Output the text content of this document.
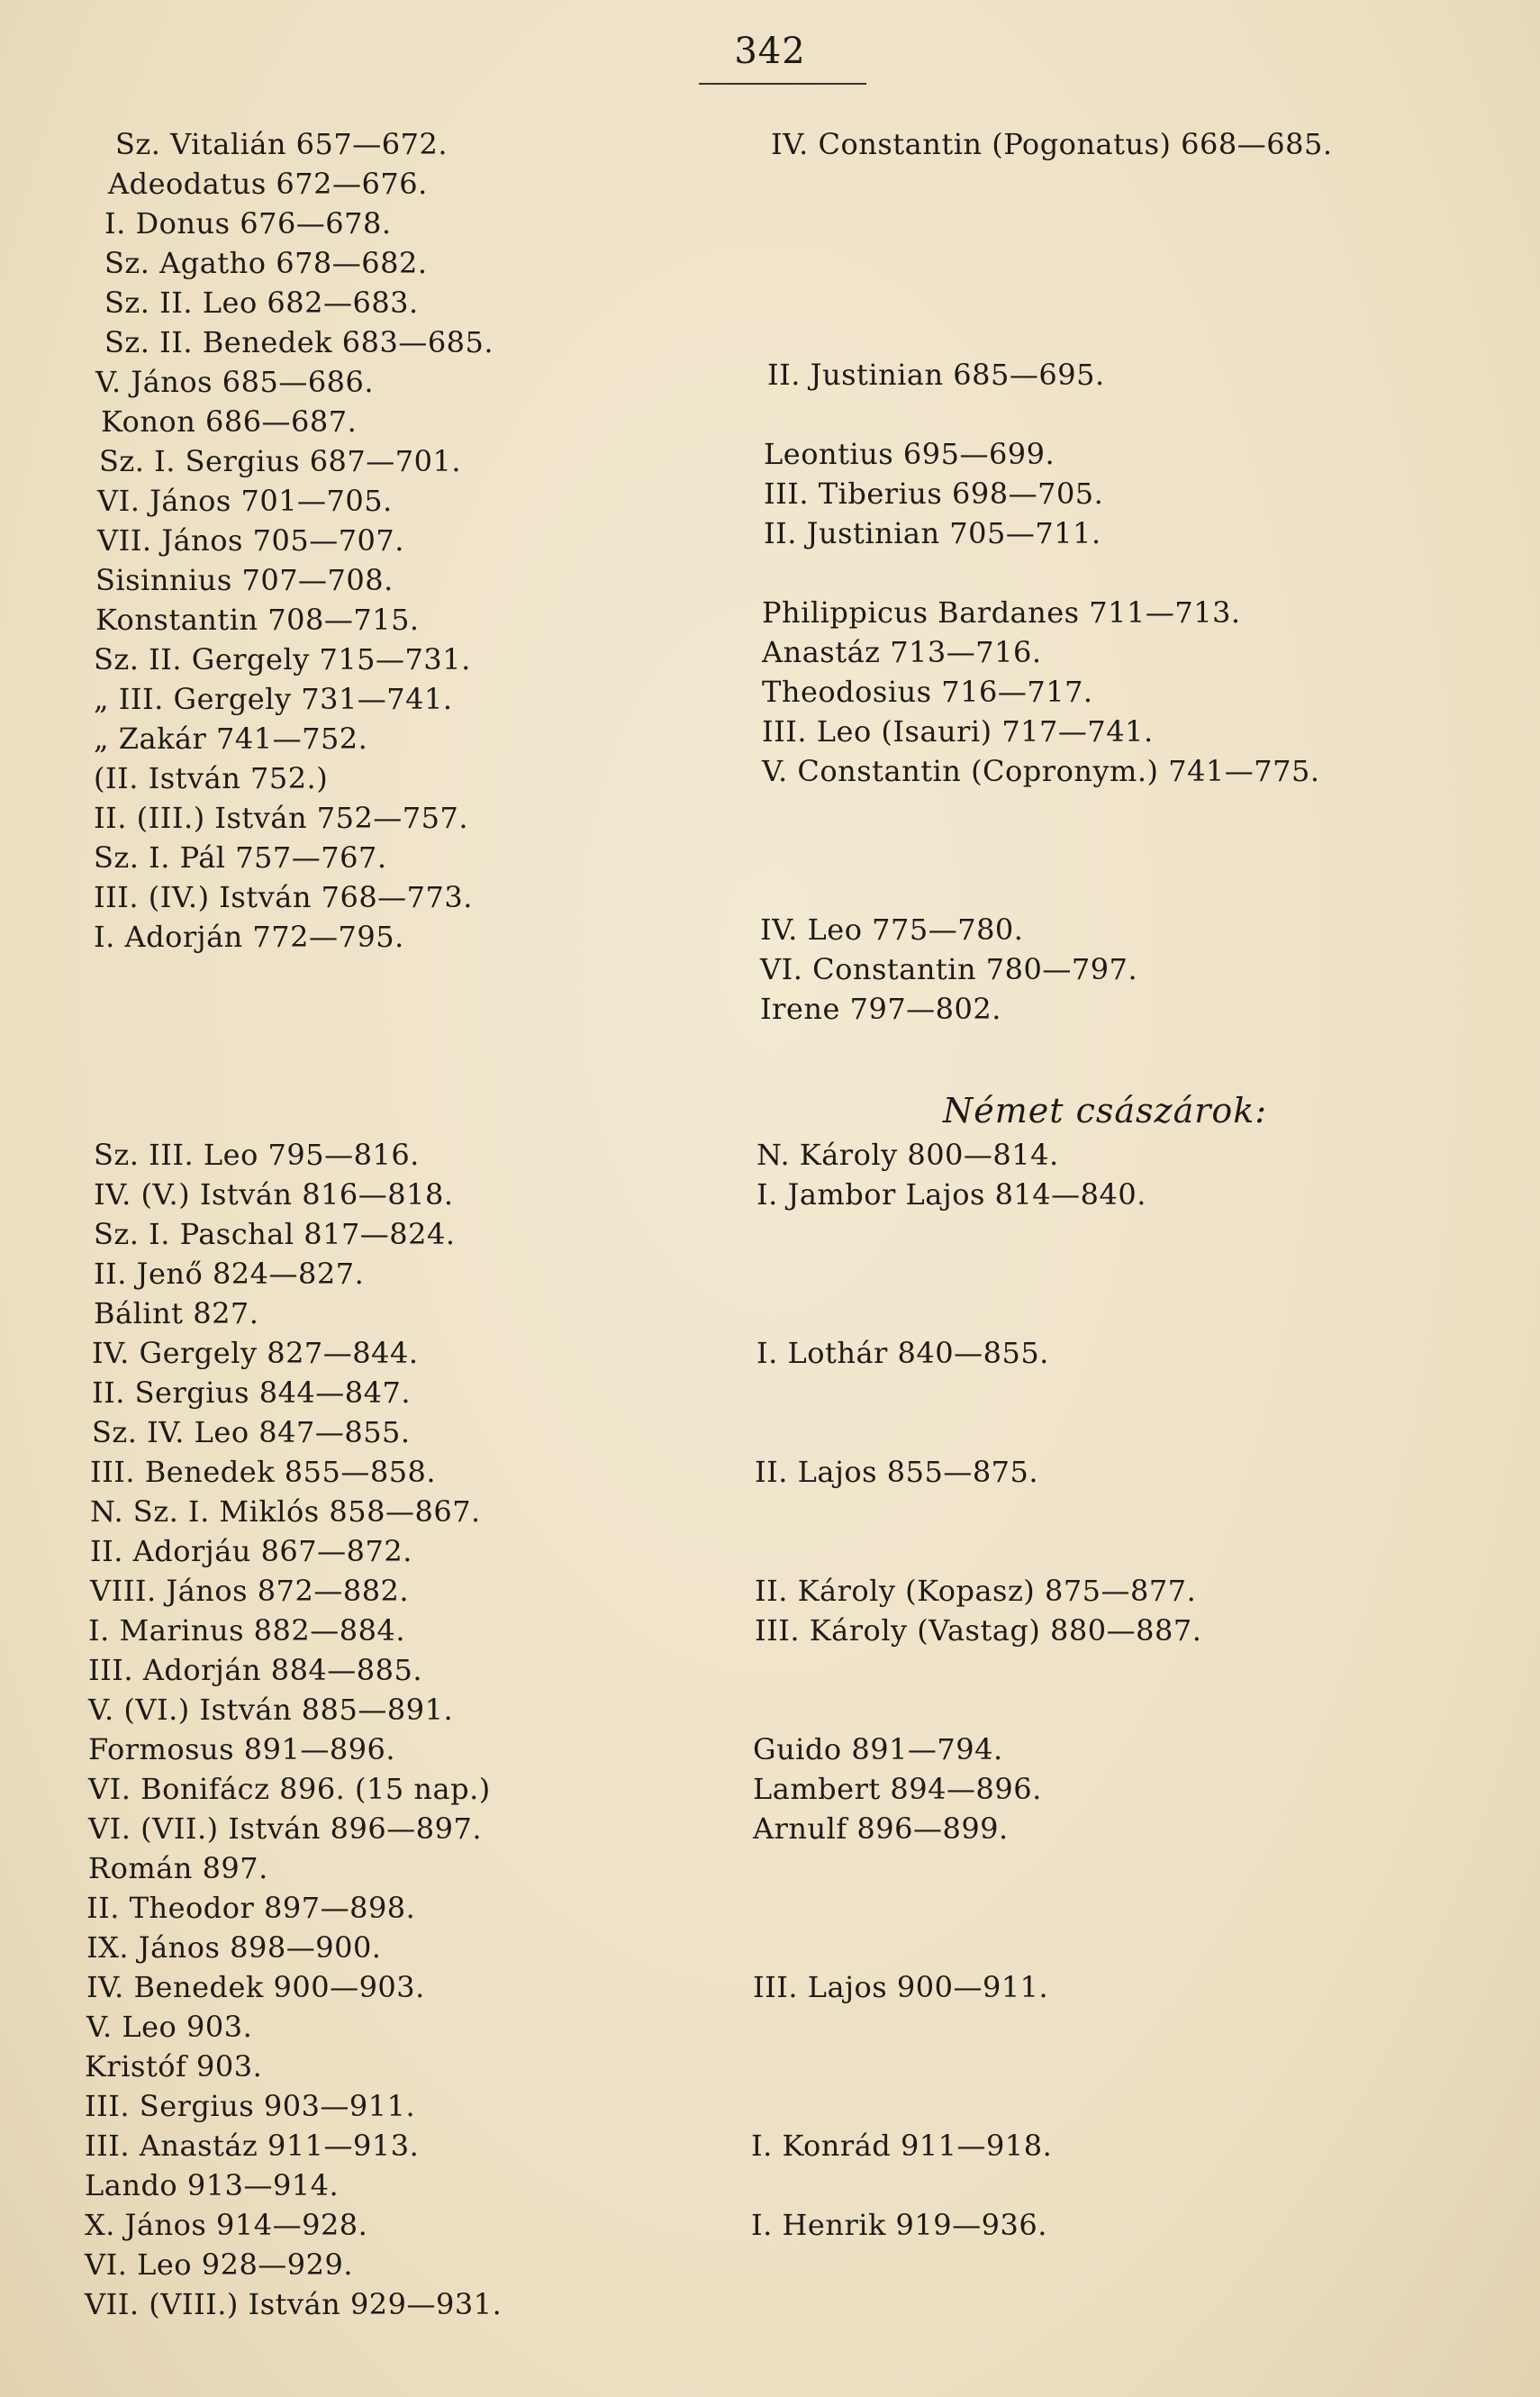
342
Német császárok:
Sz. Vitalián 657—672.
Adeodatus 672—676.
I. Donus 676—678.
Sz. Agatho 678—682.
Sz. II. Leo 682—683.
Sz. II. Benedek 683—685.
V. János 685—686.
Konon 686—687.
Sz. I. Sergius 687—701.
VI. János 701—705.
VII. János 705—707.
Sisinnius 707—708.
Konstantin 708—715.
Sz. II. Gergely 715—731.
„ III. Gergely 731—741.
„ Zakár 741—752.
(II. István 752.)
II. (III.) István 752—757.
Sz. I. Pál 757—767.
III. (IV.) István 768—773.
I. Adorján 772—795.
Sz. III. Leo 795—816.
IV. (V.) István 816—818.
Sz. I. Paschal 817—824.
II. Jenő 824—827.
Bálint 827.
IV. Gergely 827—844.
II. Sergius 844—847.
Sz. IV. Leo 847—855.
III. Benedek 855—858.
N. Sz. I. Miklós 858—867.
II. Adorjáu 867—872.
VIII. János 872—882.
I. Marinus 882—884.
III. Adorján 884—885.
V. (VI.) István 885—891.
Formosus 891—896.
VI. Bonifácz 896. (15 nap.)
VI. (VII.) István 896—897.
Román 897.
II. Theodor 897—898.
IX. János 898—900.
IV. Benedek 900—903.
V. Leo 903.
Kristóf 903.
III. Sergius 903—911.
III. Anastáz 911—913.
Lando 913—914.
X. János 914—928.
VI. Leo 928—929.
VII. (VIII.) István 929—931.
IV. Constantin (Pogonatus) 668—685.
II. Justinian 685—695.
Leontius 695—699.
III. Tiberius 698—705.
II. Justinian 705—711.
Philippicus Bardanes 711—713.
Anastáz 713—716.
Theodosius 716—717.
III. Leo (Isauri) 717—741.
V. Constantin (Copronym.) 741—775.
IV. Leo 775—780.
VI. Constantin 780—797.
Irene 797—802.
N. Károly 800—814.
I. Jambor Lajos 814—840.
I. Lothár 840—855.
II. Lajos 855—875.
II. Károly (Kopasz) 875—877.
III. Károly (Vastag) 880—887.
Guido 891—794.
Lambert 894—896.
Arnulf 896—899.
III. Lajos 900—911.
I. Konrád 911—918.
I. Henrik 919—936.
